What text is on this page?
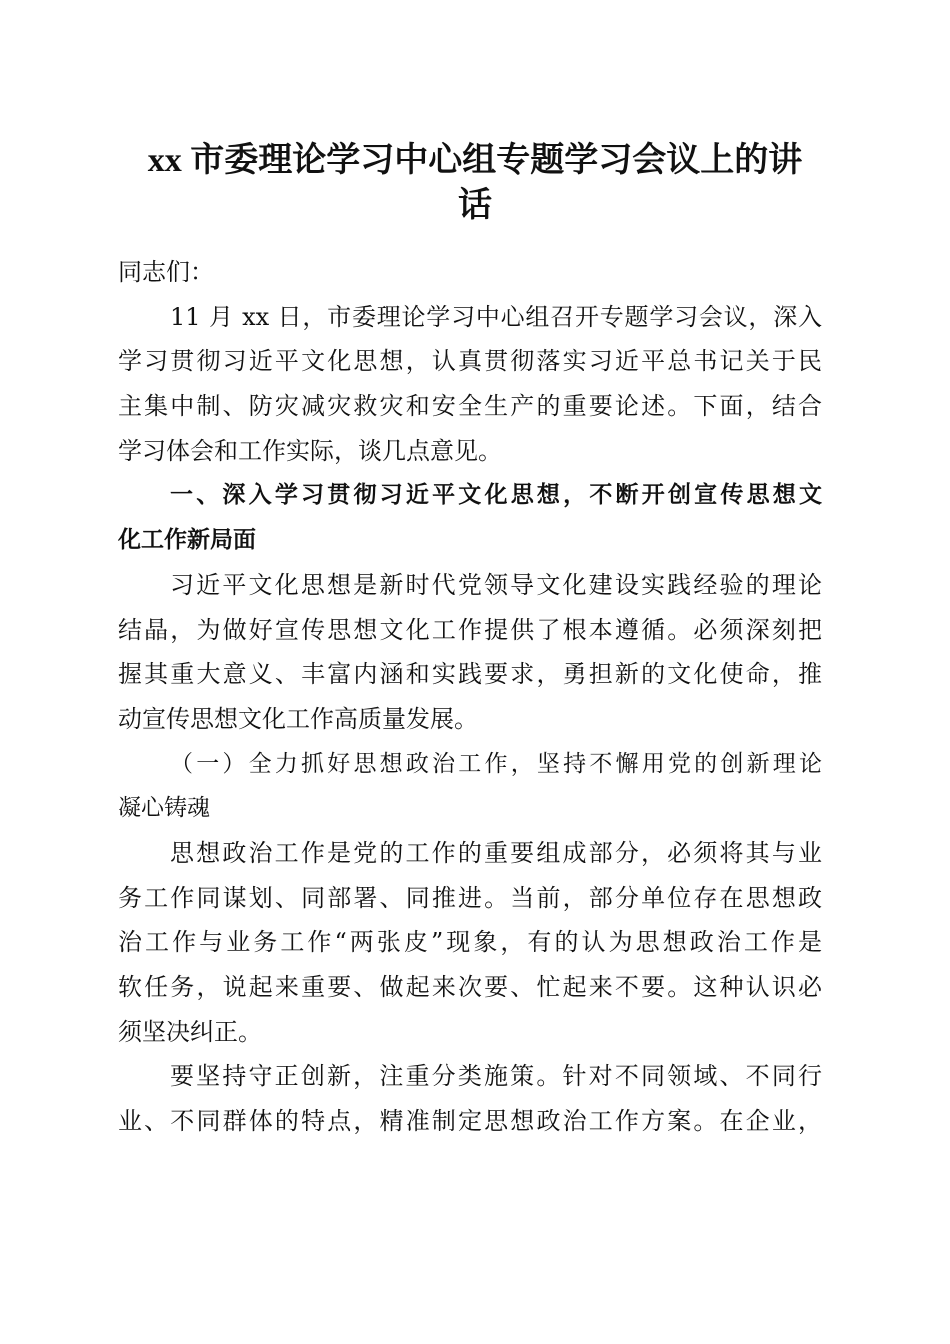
xx 市委理论学习中心组专题学习会议上的讲
话
同志们：
11 月 xx 日，市委理论学习中心组召开专题学习会议，深入
学习贯彻习近平文化思想，认真贯彻落实习近平总书记关于民
主集中制、防灾减灾救灾和安全生产的重要论述。下面，结合
学习体会和工作实际，谈几点意见。
一、深入学习贯彻习近平文化思想，不断开创宣传思想文
化工作新局面
习近平文化思想是新时代党领导文化建设实践经验的理论
结晶，为做好宣传思想文化工作提供了根本遵循。必须深刻把
握其重大意义、丰富内涵和实践要求，勇担新的文化使命，推
动宣传思想文化工作高质量发展。
（一）全力抓好思想政治工作，坚持不懈用党的创新理论
凝心铸魂
思想政治工作是党的工作的重要组成部分，必须将其与业
务工作同谋划、同部署、同推进。当前，部分单位存在思想政
治工作与业务工作“两张皮”现象，有的认为思想政治工作是
软任务，说起来重要、做起来次要、忙起来不要。这种认识必
须坚决纠正。
要坚持守正创新，注重分类施策。针对不同领域、不同行
业、不同群体的特点，精准制定思想政治工作方案。在企业，
